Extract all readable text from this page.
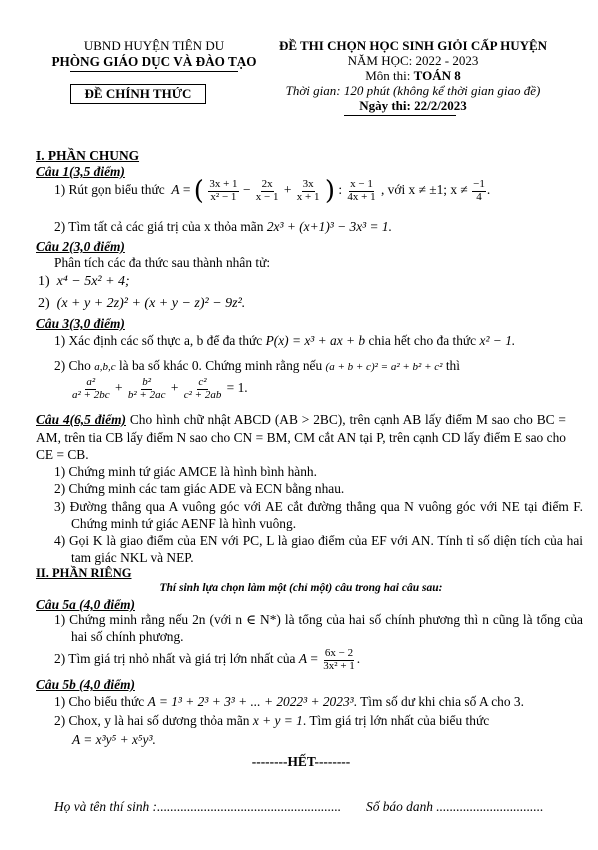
UBND HUYỆN TIÊN DU
PHÒNG GIÁO DỤC VÀ ĐÀO TẠO
ĐỀ CHÍNH THỨC
ĐỀ THI CHỌN HỌC SINH GIỎI CẤP HUYỆN
NĂM HỌC: 2022 - 2023
Môn thi: TOÁN 8
Thời gian: 120 phút (không kể thời gian giao đề)
Ngày thi: 22/2/2023
I. PHẦN CHUNG
Câu 1(3,5 điểm)
1) Rút gọn biểu thức  A = ( $\frac{3x + 1}{\text{x² − 1}} - \frac{2x}{x - 1} + \frac{3x}{x + 1}$ ) : $\frac{x - 1}{4x + 1}$ , với x ≠ ±1; $x \ne \frac{-1}{4}$ .
2) Tìm tất cả các giá trị của x thỏa mãn 2x³ + (x+1)³ − 3x³ = 1.
Câu 2(3,0 điểm)
Phân tích các đa thức sau thành nhân tử:
1)  x⁴ − 5x² + 4;
2)  (x + y + 2z)² + (x + y − z)² − 9z².
Câu 3(3,0 điểm)
1) Xác định các số thực a, b để đa thức P(x) = x³ + ax + b chia hết cho đa thức x² − 1.
2) Cho a,b,c là ba số khác 0. Chứng minh rằng nếu (a + b + c)² = a² + b² + c² thì
$\frac{\text{a²}}{\text{a² + 2bc}} + \frac{\text{b²}}{\text{b² + 2ac}} + \frac{\text{c²}}{\text{c² + 2ab}} = 1$.
Câu 4(6,5 điểm) Cho hình chữ nhật ABCD (AB > 2BC), trên cạnh AB lấy điểm M sao cho BC = AM, trên tia CB lấy điểm N sao cho CN = BM, CM cắt AN tại P, trên cạnh CD lấy điểm E sao cho CE = CB.
1) Chứng minh tứ giác AMCE là hình bình hành.
2) Chứng minh các tam giác ADE và ECN bằng nhau.
3) Đường thẳng qua A vuông góc với AE cắt đường thẳng qua N vuông góc với NE tại điểm F. Chứng minh tứ giác AENF là hình vuông.
4) Gọi K là giao điểm của EN với PC, L là giao điểm của EF với AN. Tính tỉ số diện tích của hai tam giác NKL và NEP.
II. PHẦN RIÊNG
Thí sinh lựa chọn làm một (chỉ một) câu trong hai câu sau:
Câu 5a (4,0 điểm)
1) Chứng minh rằng nếu 2n (với n ∈ N*) là tổng của hai số chính phương thì n cũng là tổng của hai số chính phương.
2) Tìm giá trị nhỏ nhất và giá trị lớn nhất của $A = \frac{6x - 2}{\text{3x² + 1}}$ .
Câu 5b (4,0 điểm)
1) Cho biểu thức A = 1³ + 2³ + 3³ + ... + 2022³ + 2023³. Tìm số dư khi chia số A cho 3.
2) Chox, y là hai số dương thỏa mãn x + y = 1. Tìm giá trị lớn nhất của biểu thức
A = x³y⁵ + x⁵y³.
--------HẾT--------
Họ và tên thí sinh :....................................................... Số báo danh ................................
